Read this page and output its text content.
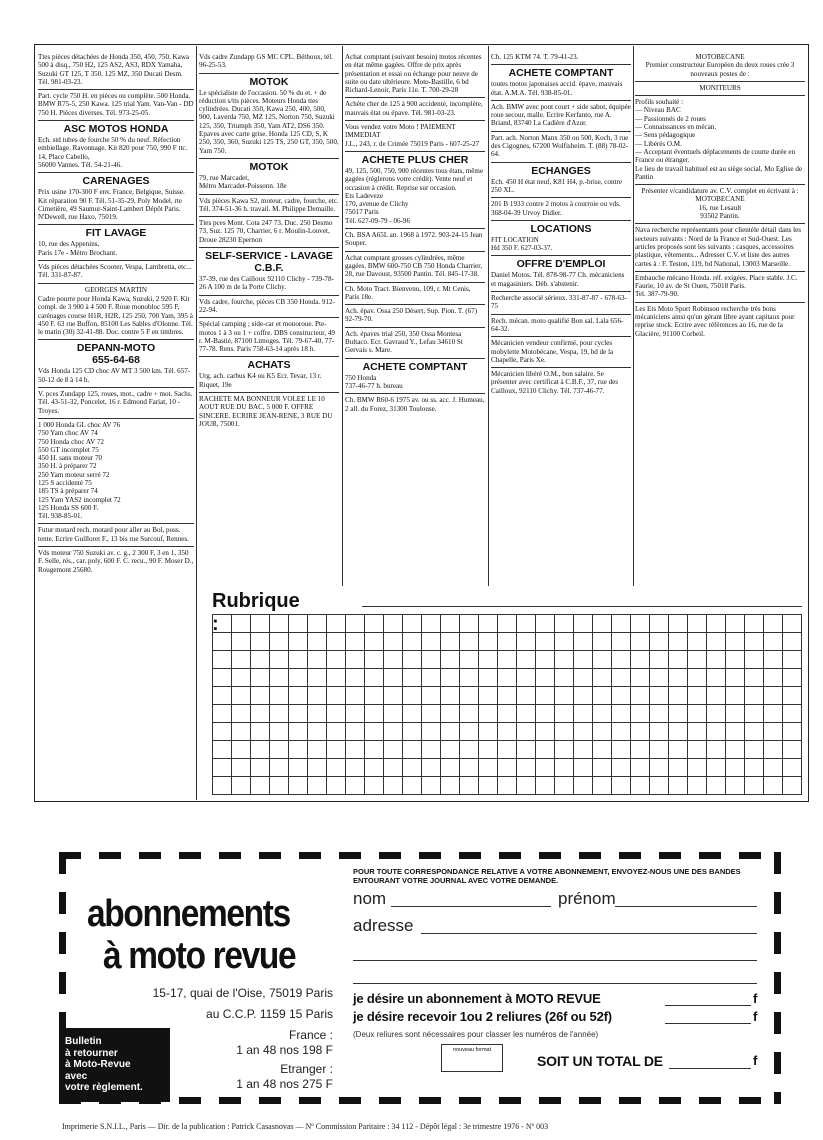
Ttes pièces détachées de Honda 350, 450, 750. Kawa 500 à disq., 750 H2, 125 AS2, AS3, RDX Yamaha, Suzuki GT 125, T 350. 125 MZ, 350 Ducati Desm.
Tél. 981-03-23.

Part. cycle 750 H. en pièces ou complète. 500 Honda. BMW R75-5, 250 Kawa. 125 trial Yam. Van-Van - DD 750 H. Pièces diverses. Tél. 973-25-05.

ASC MOTOS HONDA

Ech. std tubes de fourche 50 % du neuf. Réfection embiellage. Ravonnage. Kit 820 pour 750, 990 F ttc.
14, Place Cabello,
56000 Vannes. Tél. 54-21-46.

CARENAGES

Prix usine 170-300 F env. France, Belgique, Suisse. Kit réparation 90 F. Tél. 51-35-29, Poly Model, rte Cimetière, 49 Saumur-Saint-Lambert Dépôt Paris. N'Dewell, rue Haxo, 75019.

FIT LAVAGE

10, rue des Appenins,
Paris 17e - Métro Brochant.

Vds pièces détachées Scooter, Vespa, Lambretta, etc... Tél. 331-87-87.

GEORGES MARTIN

Cadre pourre pour Honda Kawa, Suzuki, 2 920 F. Kit compl. de 3 900 à 4 500 F. Roue monobloc 595 F, carénages course H1R, H2R, 125 250, 700 Yam, 395 à 450 F. 63 rue Buffon, 85100 Les Sables d'Olonne. Tél. le matin (30) 32-41-88. Doc. contre 5 F en timbres.

DEPANN-MOTO
655-64-68

Vds Honda 125 CD choc AV MT 3 500 km. Tél. 657-50-12 de 8 à 14 h.

V. pces Zundapp 125, roues, mot., cadre + mot. Sachs. Tél. 43-51-32, Poncelet, 16 r. Edmond Fariat, 10 - Troyes.

1 000 Honda GL choc AV 76
750 Yam choc AV 74
750 Honda choc AV 72
550 GT incomplet 75
450 H. sans moteur 70
350 H. à préparer 72
250 Yam moteur serré 72
125 S accidenté 75
185 TS à préparer 74
125 Yam YAS2 incomplet 72
125 Honda SS 600 F.
Tél. 938-85-01.

Futur motard rech. motard pour aller au Bol, poss. tente. Ecrire Guilloret F., 13 bis rue Surcouf, Rennes.

Vds moteur 750 Suzuki av. c. g., 2 300 F, 3 en 1, 350 F. Selle, rés., car. poly, 600 F. C. recu., 90 F. Moser D., Rougemont 25680.

Vds cadre Zundapp GS MC CPL. Béthoux, tél. 96-25-53.

MOTOK

Le spécialiste de l'occasion. 50 % du et. + de réduction s/tts pièces. Moteurs Honda ttes cylindrées. Ducati 350, Kawa 250, 400, 500, 900, Laverda 750, MZ 125, Norton 750, Suzuki 125, 350, Triumph 350, Yam AT2, DS6 350. Epaves avec carte grise. Honda 125 CD, S, K 250, 350, 360, Suzuki 125 TS, 250 GT, 350, 500, Yam 750.

MOTOK

79, rue Marcadet,
Métro Marcadet-Poissonn. 18e

Vds pièces Kawa S2, moteur, cadre, fourche, etc. Tél. 374-51-36 h. travail. M. Philippe Demaille.

Ttes pces Mont. Cota 247 73. Duc. 250 Desmo 73, Suz. 125 70, Charrier, 6 r. Moulin-Louvet, Droue 28230 Epernon

SELF-SERVICE - LAVAGE C.B.F.

37-39, rue des Cailloux 92110 Clichy - 739-78-26 A 100 m de la Porte Clichy.

Vds cadre, fourche, pièces CB 350 Honda. 912-22-94.

Spécial camping ; side-car et monoroue. Pte-motos 1 à 3 ou 1 + coffre. DBS constructeur, 49 r. M-Bastié, 87100 Limoges. Tél. 79-67-40, 77-77-78. Rens. Paris 758-63-14 après 18 h.

ACHATS

Urg. ach. carbus K4 ou K5 Ecr. Tevar, 13 r. Riquet, 19e

RACHETE MA BONNEUR VOLEE LE 10 AOUT RUE DU BAC, 5 000 F. OFFRE SINCERE. ECRIRE JEAN-RENE, 3 RUE DU JOUR, 75001.

Achat comptant (suivant besoin) motos récentes en état même gagées. Offre de prix après présentation et essai ou échange pour neuve de suite ou date ultérieure. Moto-Bastille, 6 bd Richard-Lenoir, Paris 11e. T. 700-29-28

Achète cher de 125 à 900 accidenté, incomplète, mauvais état ou épave. Tél. 981-03-23.

Vous vendez votre Moto ! PAIEMENT IMMEDIAT
J.L., 243, r. de Crimée 75019 Paris - 607-25-27

ACHETE PLUS CHER

49, 125, 500, 750, 900 récentes tous états, même gagées (réglerons votre crédit). Vente neuf et occasion à crédit. Reprise sur occasion.
Ets Ladeveze
170, avenue de Clichy
75017 Paris
Tél. 627-09-79 - 06-96

Ch. BSA A65L an. 1968 à 1972. 903-24-15 Jean Souper.

Achat comptant grosses cylindrées, même gagées. BMW 600-750 CB 750 Honda Charrier, 28, rue Davoust, 93500 Pantin. Tél. 845-17-38.

Ch. Moto Tract. Bienvenu, 109, r. Mt Cenis, Paris 18e.

Ach. épav. Ossa 250 Désert, Sup. Pion. T. (67) 92-79-70.

Ach. épaves trial 250, 350 Ossa Montesa Bultaco. Ecr. Gavraud Y., Lefau 34610 St Gervais s. Mare.

ACHETE COMPTANT

750 Honda
737-46-77 h. bureau

Ch. BMW R60-6 1975 av. ou ss. acc. J. Humeau, 2 all. du Forez, 31300 Toulouse.

Ch. 125 KTM 74. T. 79-41-23.

ACHETE COMPTANT

toutes motos japonaises accid. épave, mauvais état. A.M.A. Tél. 938-85-01.

Ach. BMW avec pont court + side sabot, équipée roue secour, malle. Ecrire Kerfanto, rue A. Briand, 83740 La Cadière d'Azur.

Part. ach. Norton Manx 350 ou 500, Koch, 3 rue des Cigognes, 67200 Wolfisheim. T. (88) 78-02-64.

ECHANGES

Ech. 450 H état neuf, K81 H4, p.-brise, contre 250 XL.

201 B 1933 contre 2 motos à courroie ou vds. 368-04-39 Urvoy Didier.

LOCATIONS

FIT LOCATION
Hd 350 F. 627-03-37.

OFFRE D'EMPLOI

Daniel Motos. Tél. 878-98-77 Ch. mécaniciens et magasiniers. Déb. s'abstenir.

Recherche associé sérieux. 331-87-87 - 678-63-75

Rech. mécan. moto qualifié Bon sal. Lala 656-64-32.

Mécanicien vendeur confirmé, pour cycles mobylette Motobécane, Vespa, 19, bd de la Chapelle, Paris Xe.

Mécanicien libéré O.M., bon salaire. Se présenter avec certificat à C.B.F., 37, rue des Cailloux, 92110 Clichy. Tél. 737-46-77.

MOTOBECANE
Premier constructeur Européen du deux roues crée 3 nouveaux postes de :

MONITEURS

Profils souhaité :
— Niveau BAC
— Passionnés de 2 roues
— Connaissances en mécan.
— Sens pédagogique
— Libérés O.M.
— Acceptant éventuels déplacements de courte durée en France ou étranger.
Le lieu de travail habituel est au siège social, Mo Eglise de Pantin

Présenter v/candidature av. C.V. complet en écrivant à :
MOTOBECANE
16, rue Lesault
93502 Pantin.

Nava recherche représentants pour clientèle détail dans les secteurs suivants : Nord de la France et Sud-Ouest. Les articles proposés sont les suivants : casques, accessoires plastique, vêtements... Adresser C.V. et liste des autres cartes à : F. Teston, 119, bd National, 13003 Marseille.

Embauche mécano Honda. réf. exigées. Place stable. J.C. Faurie, 10 av. de St Ouen, 75018 Paris.
Tel. 387-79-90.

Les Ets Moto Sport Robinson recherche très bons mécaniciens ainsi qu'un gérant libre ayant capitaux pour reprise stock. Ecrire avec références au 16, rue de la Glacière, 91100 Corbeil.

Rubrique :
abonnements
à moto revue
15-17, quai de l'Oise, 75019 Paris
au C.C.P. 1159 15 Paris
France :
1 an 48 nos 198 F
Etranger :
1 an 48 nos 275 F
Bulletin
à retourner
à Moto-Revue
avec
votre règlement.
POUR TOUTE CORRESPONDANCE RELATIVE A VOTRE ABONNEMENT, ENVOYEZ-NOUS UNE DES BANDES ENTOURANT VOTRE JOURNAL AVEC VOTRE DEMANDE.
nom	prénom
adresse
je désire un abonnement à MOTO REVUE	f
je désire recevoir 1ou 2 reliures (26f ou 52f)	f
(Deux reliures sont nécessaires pour classer les numéros de l'année)
nouveau format
SOIT UN TOTAL DE	f
Imprimerie S.N.I.L., Paris — Dir. de la publication : Patrick Casasnovas — Nº Commission Paritaire : 34 112 - Dépôt légal : 3e trimestre 1976 - Nº 003
